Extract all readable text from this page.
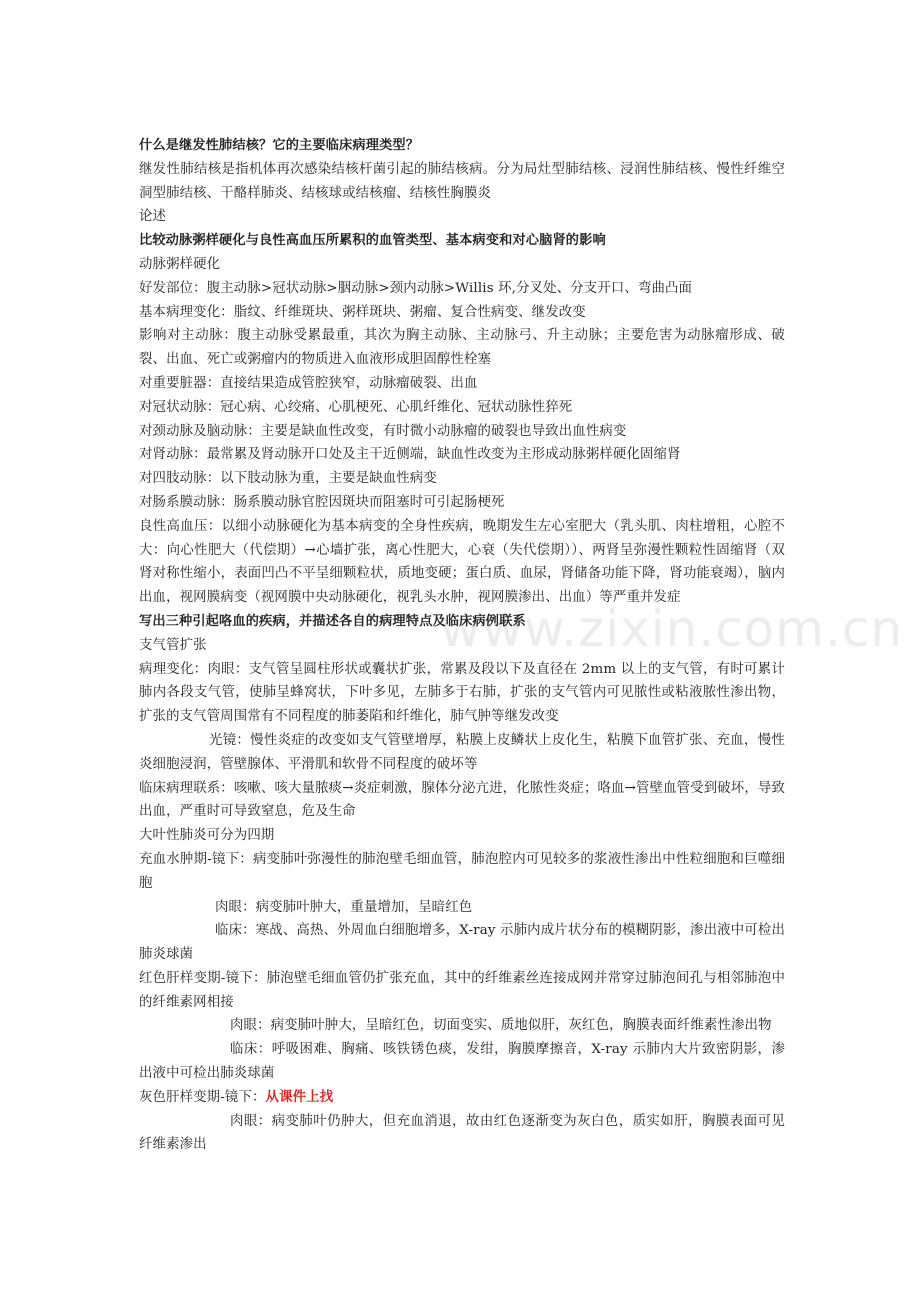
www.zixin.com.cn
什么是继发性肺结核？它的主要临床病理类型？
继发性肺结核是指机体再次感染结核杆菌引起的肺结核病。分为局灶型肺结核、浸润性肺结核、慢性纤维空洞型肺结核、干酪样肺炎、结核球或结核瘤、结核性胸膜炎
论述
比较动脉粥样硬化与良性高血压所累积的血管类型、基本病变和对心脑肾的影响
动脉粥样硬化
好发部位：腹主动脉>冠状动脉>胭动脉>颈内动脉>Willis 环,分叉处、分支开口、弯曲凸面
基本病理变化：脂纹、纤维斑块、粥样斑块、粥瘤、复合性病变、继发改变
影响对主动脉：腹主动脉受累最重，其次为胸主动脉、主动脉弓、升主动脉；主要危害为动脉瘤形成、破裂、出血、死亡或粥瘤内的物质进入血液形成胆固醇性栓塞
对重要脏器：直接结果造成管腔狭窄，动脉瘤破裂、出血
对冠状动脉：冠心病、心绞痛、心肌梗死、心肌纤维化、冠状动脉性猝死
对颈动脉及脑动脉：主要是缺血性改变，有时微小动脉瘤的破裂也导致出血性病变
对肾动脉：最常累及肾动脉开口处及主干近侧端，缺血性改变为主形成动脉粥样硬化固缩肾
对四肢动脉：以下肢动脉为重，主要是缺血性病变
对肠系膜动脉：肠系膜动脉官腔因斑块而阻塞时可引起肠梗死
良性高血压：以细小动脉硬化为基本病变的全身性疾病，晚期发生左心室肥大（乳头肌、肉柱增粗，心腔不大：向心性肥大（代偿期）→心墙扩张，离心性肥大，心衰（失代偿期））、两肾呈弥漫性颗粒性固缩肾（双肾对称性缩小，表面凹凸不平呈细颗粒状，质地变硬；蛋白质、血尿，肾储备功能下降，肾功能衰竭），脑内出血，视网膜病变（视网膜中央动脉硬化，视乳头水肿，视网膜渗出、出血）等严重并发症
写出三种引起咯血的疾病，并描述各自的病理特点及临床病例联系
支气管扩张
病理变化：肉眼：支气管呈圆柱形状或囊状扩张，常累及段以下及直径在 2mm 以上的支气管，有时可累计肺内各段支气管，使肺呈蜂窝状，下叶多见，左肺多于右肺，扩张的支气管内可见脓性或粘液脓性渗出物，扩张的支气管周围常有不同程度的肺萎陷和纤维化，肺气肿等继发改变
光镜：慢性炎症的改变如支气管壁增厚，粘膜上皮鳞状上皮化生，粘膜下血管扩张、充血，慢性炎细胞浸润，管壁腺体、平滑肌和软骨不同程度的破坏等
临床病理联系：咳嗽、咳大量脓痰→炎症刺激，腺体分泌亢进，化脓性炎症；咯血→管壁血管受到破坏，导致出血，严重时可导致窒息，危及生命
大叶性肺炎可分为四期
充血水肿期-镜下：病变肺叶弥漫性的肺泡壁毛细血管，肺泡腔内可见较多的浆液性渗出中性粒细胞和巨噬细胞
肉眼：病变肺叶肿大，重量增加，呈暗红色
临床：寒战、高热、外周血白细胞增多，X-ray 示肺内成片状分布的模糊阴影，渗出液中可检出肺炎球菌
红色肝样变期-镜下：肺泡壁毛细血管仍扩张充血，其中的纤维素丝连接成网并常穿过肺泡间孔与相邻肺泡中的纤维素网相接
肉眼：病变肺叶肿大，呈暗红色，切面变实、质地似肝，灰红色，胸膜表面纤维素性渗出物
临床：呼吸困难、胸痛、咳铁锈色痰，发绀，胸膜摩擦音，X-ray 示肺内大片致密阴影，渗出液中可检出肺炎球菌
灰色肝样变期-镜下：从课件上找
肉眼：病变肺叶仍肿大，但充血消退，故由红色逐渐变为灰白色，质实如肝，胸膜表面可见纤维素渗出
